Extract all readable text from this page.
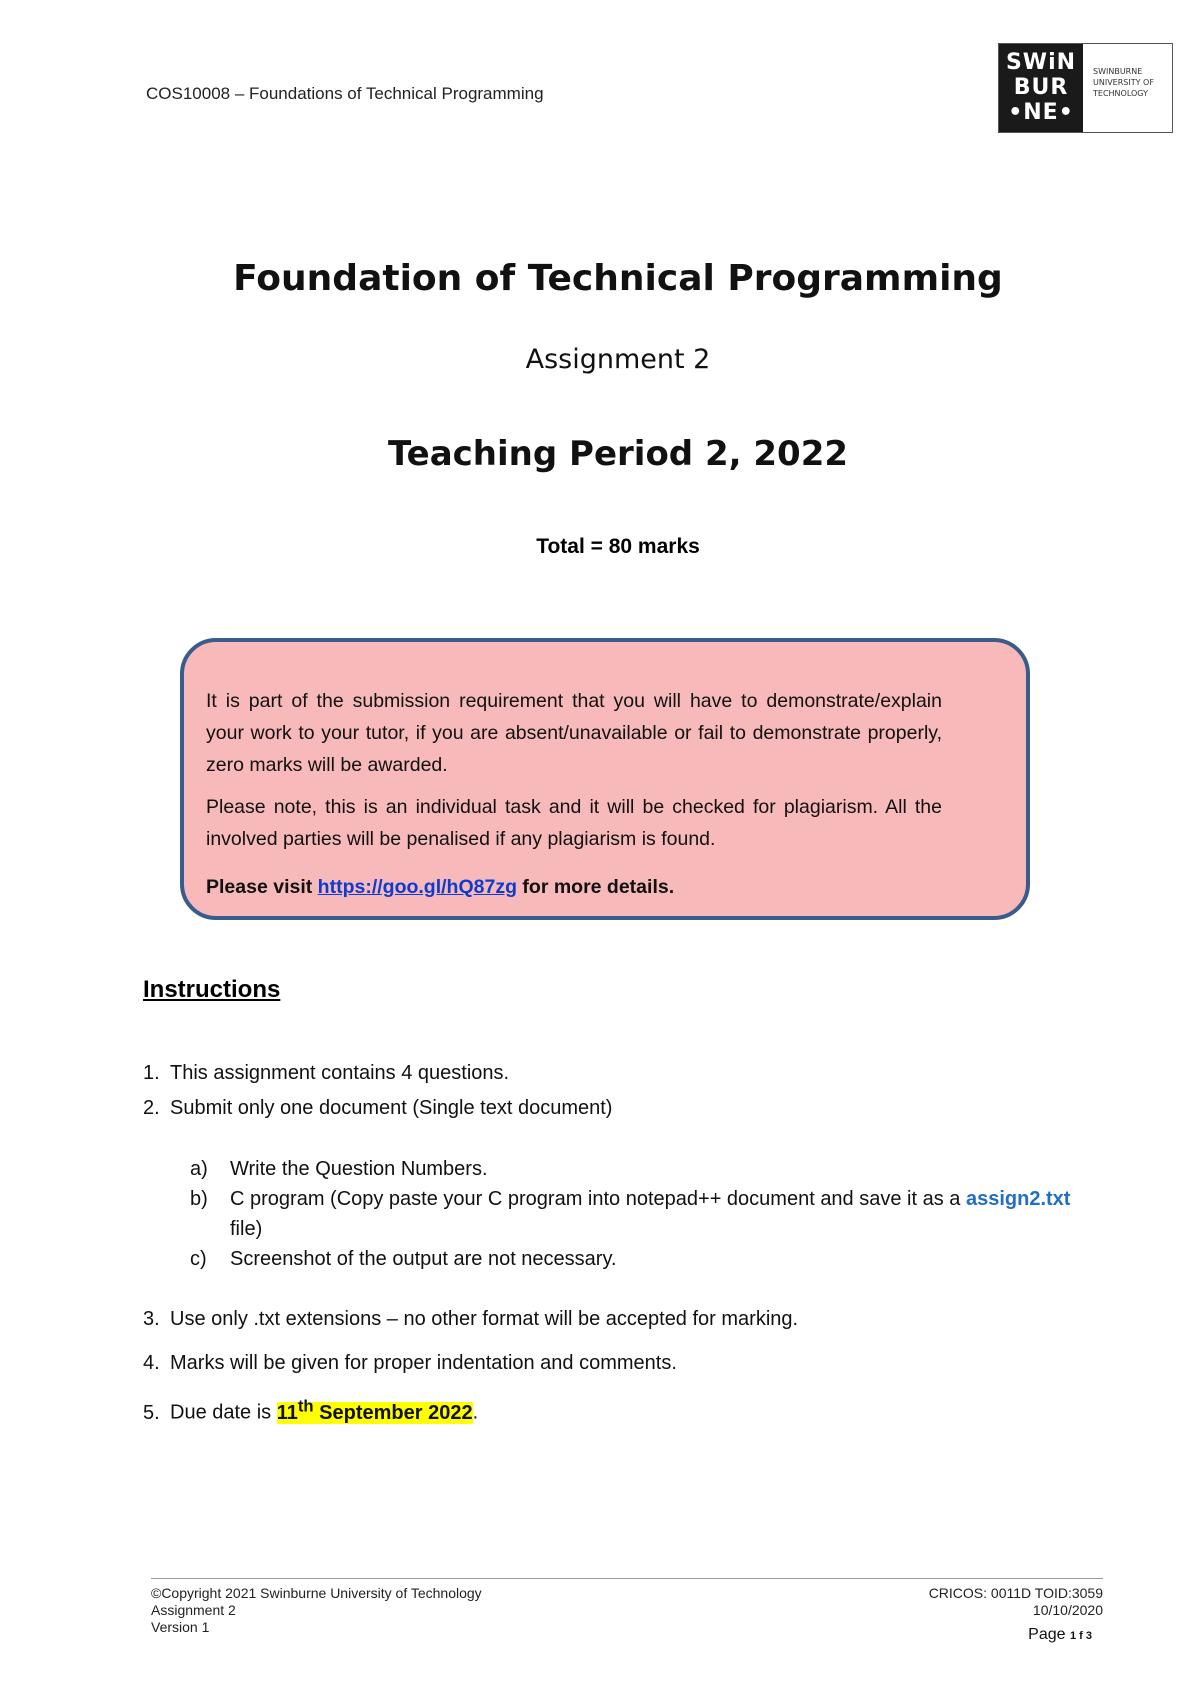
COS10008 – Foundations of Technical Programming
SWiN
BUR
•NE•
SWINBURNE
UNIVERSITY OF
TECHNOLOGY
Foundation of Technical Programming
Assignment 2
Teaching Period 2, 2022
Total = 80 marks

It is part of the submission requirement that you will have to demonstrate/explain your work to your tutor, if you are absent/unavailable or fail to demonstrate properly, zero marks will be awarded.

Please note, this is an individual task and it will be checked for plagiarism. All the involved parties will be penalised if any plagiarism is found.

Please visit https://goo.gl/hQ87zg for more details.

Instructions
1. This assignment contains 4 questions.
2. Submit only one document (Single text document)
a) Write the Question Numbers.
b) C program (Copy paste your C program into notepad++ document and save it as a assign2.txt
file)
c) Screenshot of the output are not necessary.
3. Use only .txt extensions – no other format will be accepted for marking.
4. Marks will be given for proper indentation and comments.
5. Due date is 11th September 2022.
©Copyright 2021 Swinburne University of Technology
Assignment 2
Version 1
CRICOS: 0011D TOID:3059
10/10/2020
Page 1 f 3
